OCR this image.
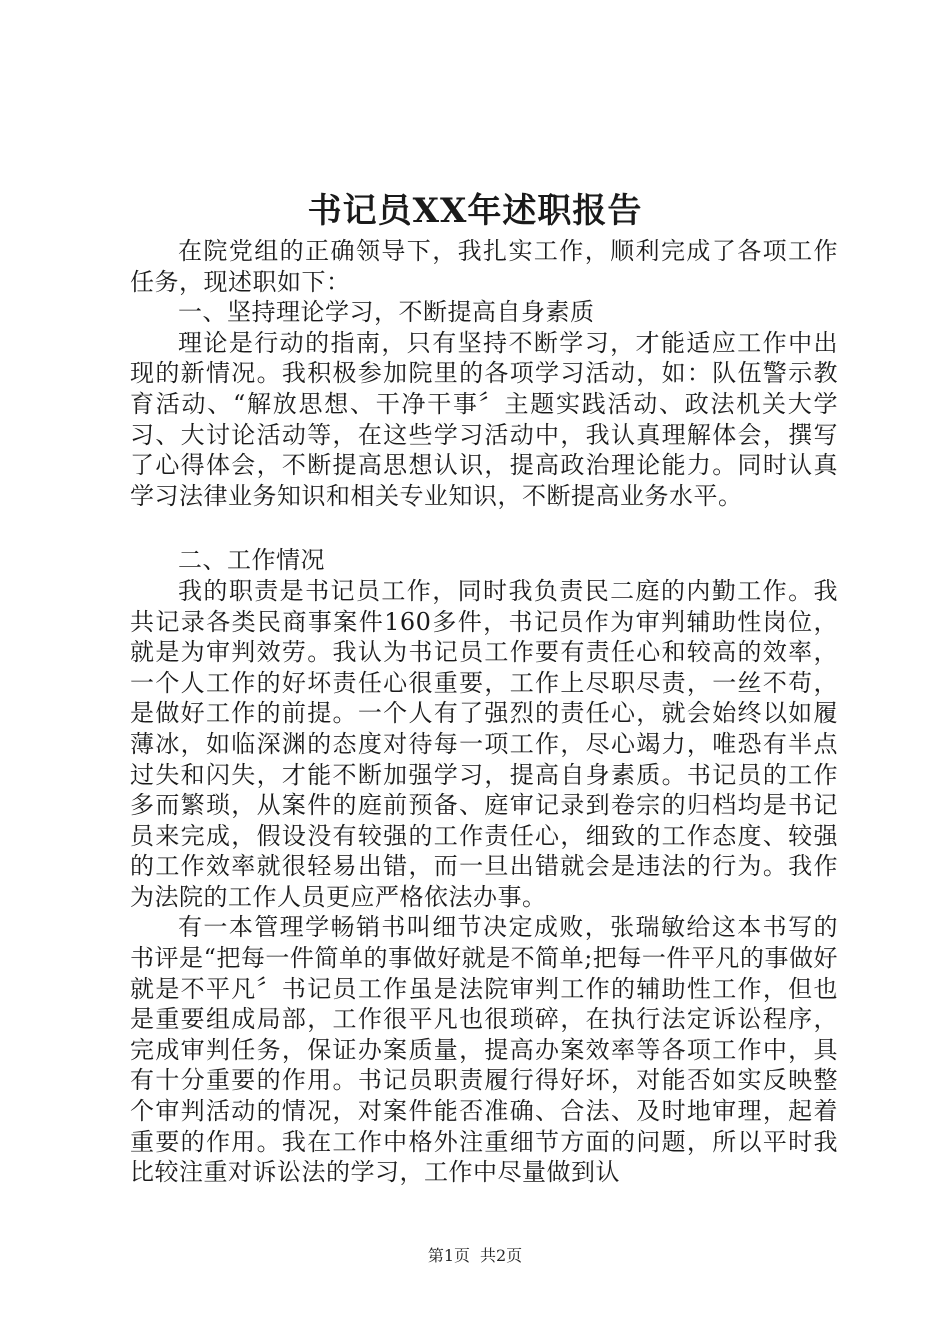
书记员XX年述职报告

在院党组的正确领导下，我扎实工作，顺利完成了各项工作任务，现述职如下：

一、坚持理论学习，不断提高自身素质

理论是行动的指南，只有坚持不断学习，才能适应工作中出现的新情况。我积极参加院里的各项学习活动，如：队伍警示教育活动、“解放思想、干净干事〞主题实践活动、政法机关大学习、大讨论活动等，在这些学习活动中，我认真理解体会，撰写了心得体会，不断提高思想认识，提高政治理论能力。同时认真学习法律业务知识和相关专业知识，不断提高业务水平。

二、工作情况

我的职责是书记员工作，同时我负责民二庭的内勤工作。我共记录各类民商事案件160多件，书记员作为审判辅助性岗位，就是为审判效劳。我认为书记员工作要有责任心和较高的效率，一个人工作的好坏责任心很重要，工作上尽职尽责，一丝不苟，是做好工作的前提。一个人有了强烈的责任心，就会始终以如履薄冰，如临深渊的态度对待每一项工作，尽心竭力，唯恐有半点过失和闪失，才能不断加强学习，提高自身素质。书记员的工作多而繁琐，从案件的庭前预备、庭审记录到卷宗的归档均是书记员来完成，假设没有较强的工作责任心，细致的工作态度、较强的工作效率就很轻易出错，而一旦出错就会是违法的行为。我作为法院的工作人员更应严格依法办事。

有一本管理学畅销书叫细节决定成败，张瑞敏给这本书写的书评是“把每一件简单的事做好就是不简单;把每一件平凡的事做好就是不平凡〞书记员工作虽是法院审判工作的辅助性工作，但也是重要组成局部，工作很平凡也很琐碎，在执行法定诉讼程序，完成审判任务，保证办案质量，提高办案效率等各项工作中，具有十分重要的作用。书记员职责履行得好坏，对能否如实反映整个审判活动的情况，对案件能否准确、合法、及时地审理，起着重要的作用。我在工作中格外注重细节方面的问题，所以平时我比较注重对诉讼法的学习，工作中尽量做到认

第1页 共2页
